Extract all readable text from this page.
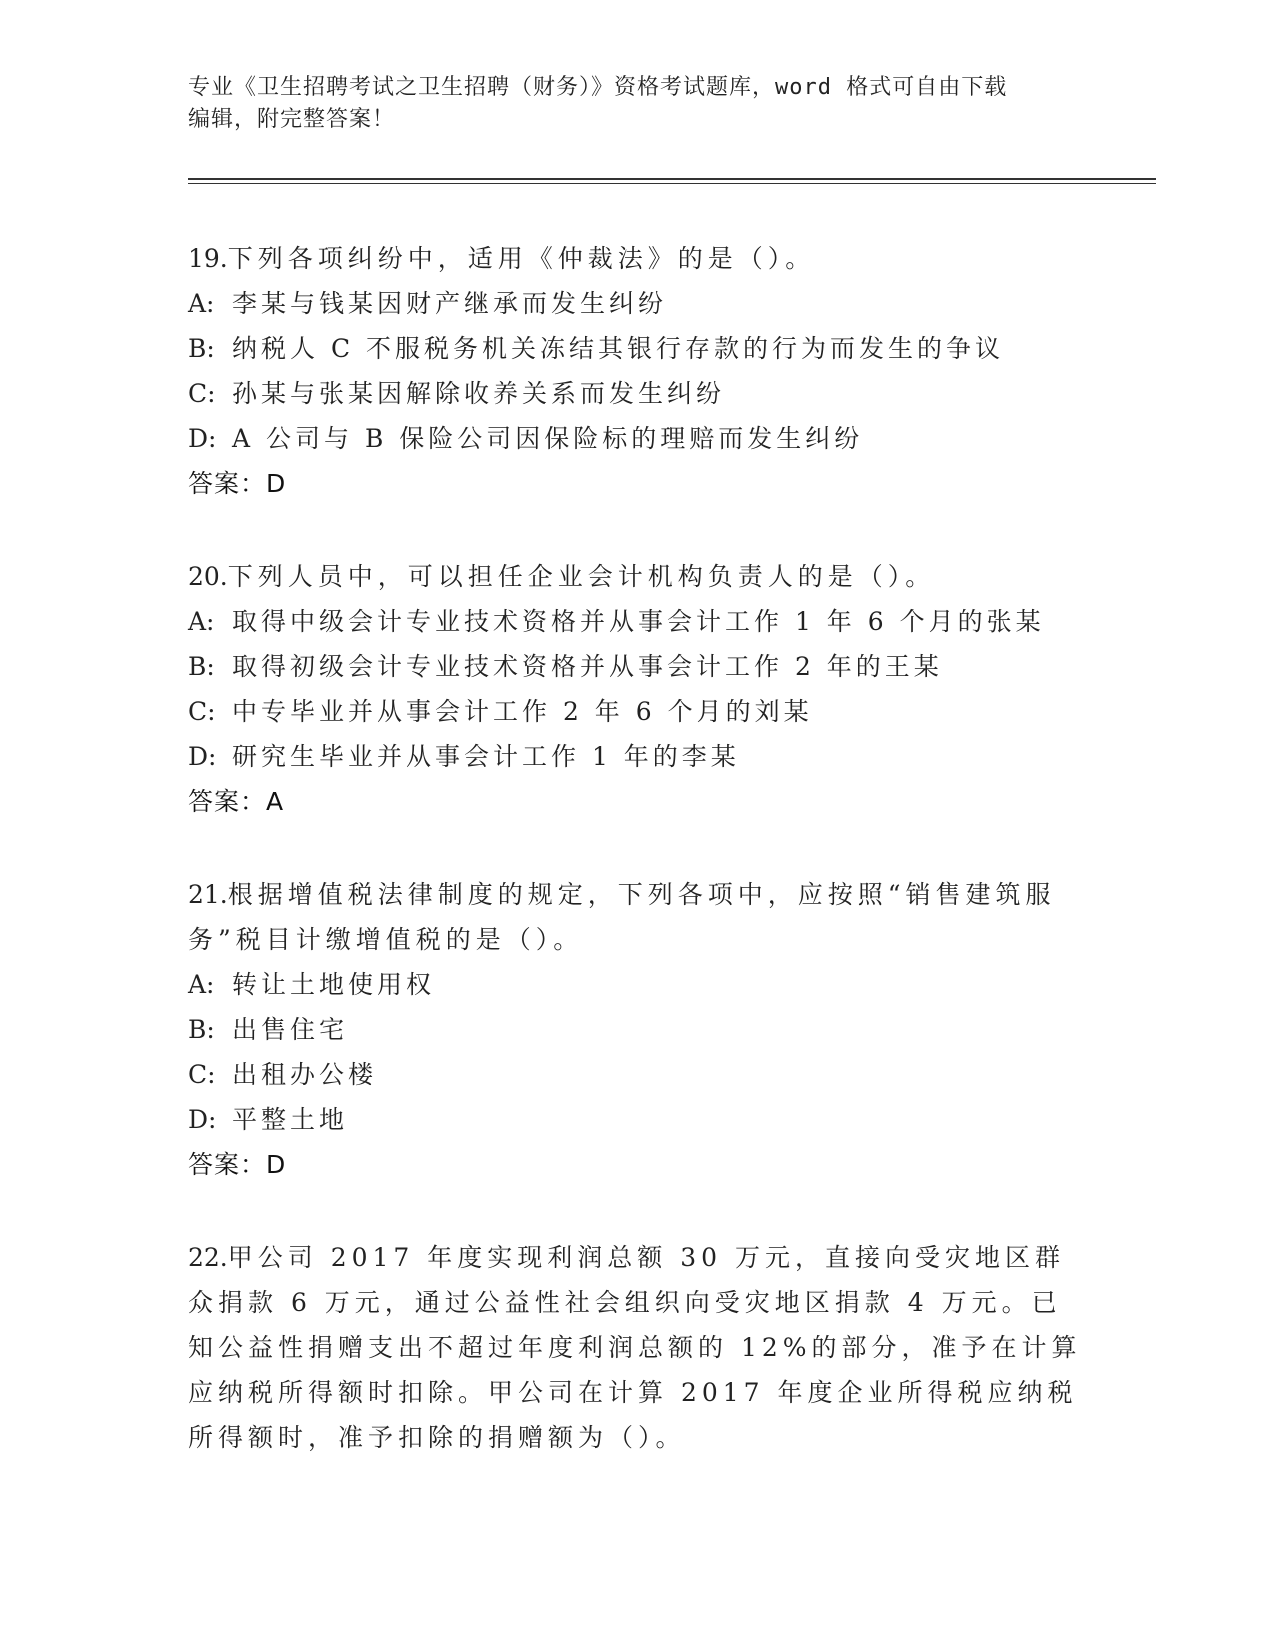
专业《卫生招聘考试之卫生招聘（财务）》资格考试题库，word 格式可自由下载
编辑，附完整答案！

19.下列各项纠纷中，适用《仲裁法》的是（）。

A: 李某与钱某因财产继承而发生纠纷

B: 纳税人 C 不服税务机关冻结其银行存款的行为而发生的争议

C: 孙某与张某因解除收养关系而发生纠纷

D: A 公司与 B 保险公司因保险标的理赔而发生纠纷

答案：D

20.下列人员中，可以担任企业会计机构负责人的是（）。

A: 取得中级会计专业技术资格并从事会计工作 1 年 6 个月的张某

B: 取得初级会计专业技术资格并从事会计工作 2 年的王某

C: 中专毕业并从事会计工作 2 年 6 个月的刘某

D: 研究生毕业并从事会计工作 1 年的李某

答案：A

21.根据增值税法律制度的规定，下列各项中，应按照“销售建筑服务”税目计缴增值税的是（）。

A: 转让土地使用权

B: 出售住宅

C: 出租办公楼

D: 平整土地

答案：D

22.甲公司 2017 年度实现利润总额 30 万元，直接向受灾地区群众捐款 6 万元，通过公益性社会组织向受灾地区捐款 4 万元。已知公益性捐赠支出不超过年度利润总额的 12%的部分，准予在计算应纳税所得额时扣除。甲公司在计算 2017 年度企业所得税应纳税所得额时，准予扣除的捐赠额为（）。
